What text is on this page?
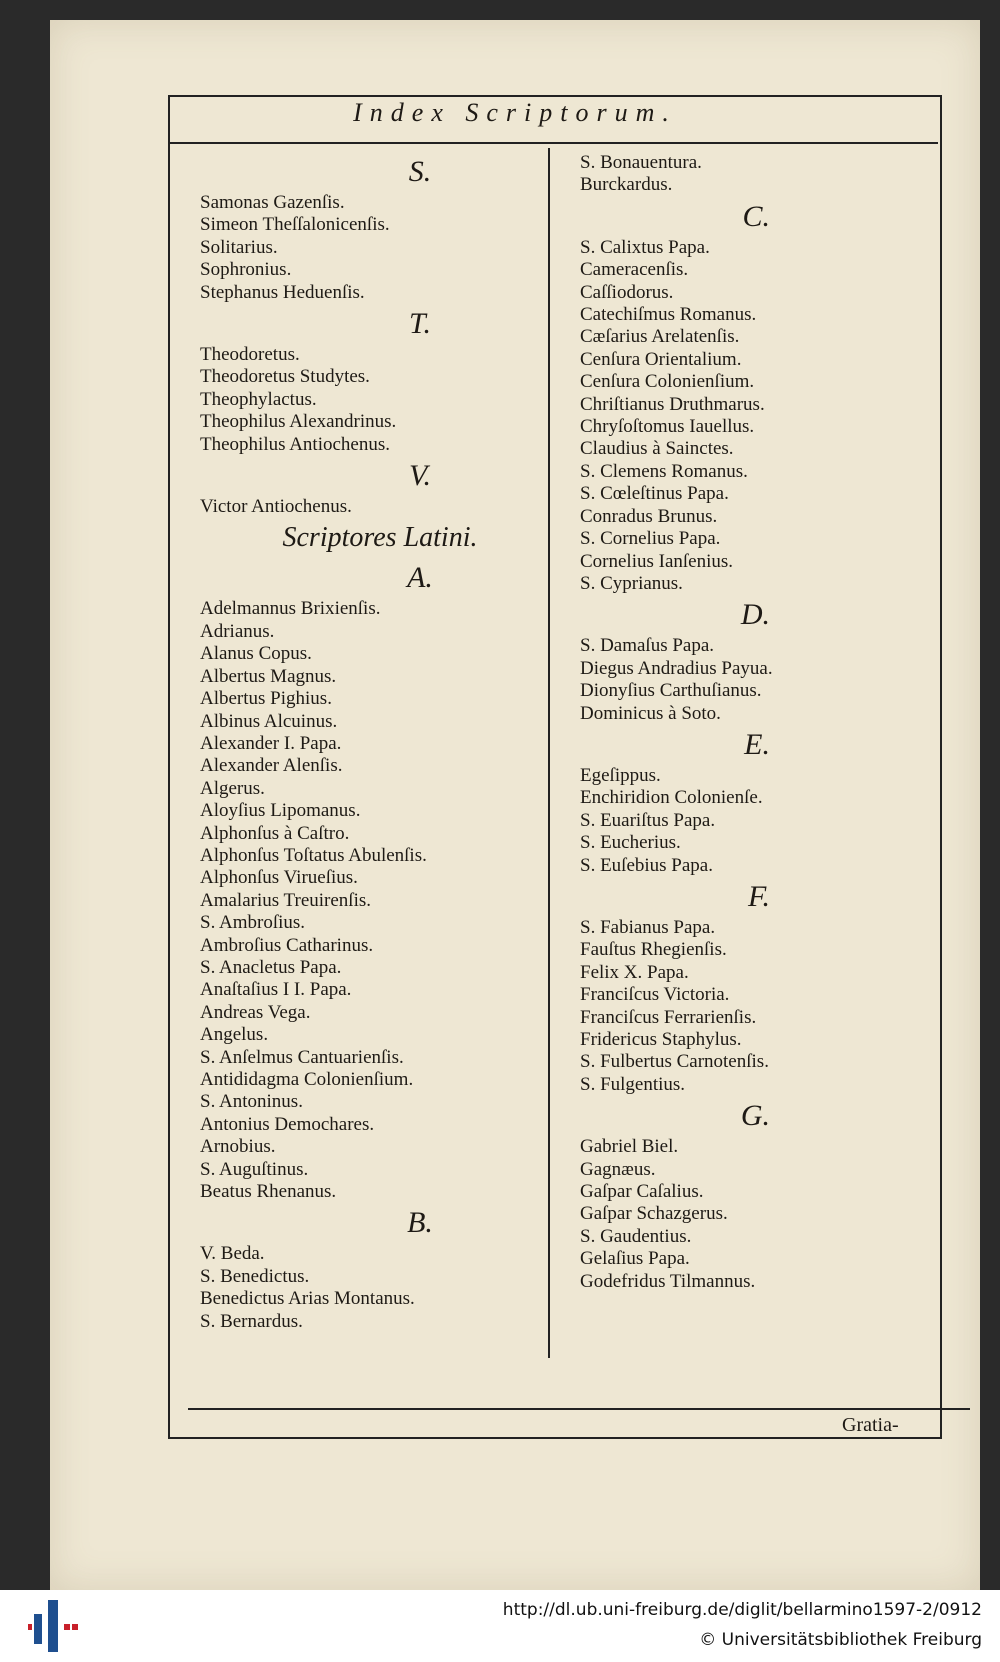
Index Scriptorum.
Gratia-
S.
Samonas Gazenſis.
Simeon Theſſalonicenſis.
Solitarius.
Sophronius.
Stephanus Heduenſis.
T.
Theodoretus.
Theodoretus Studytes.
Theophylactus.
Theophilus Alexandrinus.
Theophilus Antiochenus.
V.
Victor Antiochenus.
Scriptores Latini.
A.
Adelmannus Brixienſis.
Adrianus.
Alanus Copus.
Albertus Magnus.
Albertus Pighius.
Albinus Alcuinus.
Alexander I. Papa.
Alexander Alenſis.
Algerus.
Aloyſius Lipomanus.
Alphonſus à Caſtro.
Alphonſus Toſtatus Abulenſis.
Alphonſus Virueſius.
Amalarius Treuirenſis.
S. Ambroſius.
Ambroſius Catharinus.
S. Anacletus Papa.
Anaſtaſius I I. Papa.
Andreas Vega.
Angelus.
S. Anſelmus Cantuarienſis.
Antididagma Colonienſium.
S. Antoninus.
Antonius Demochares.
Arnobius.
S. Auguſtinus.
Beatus Rhenanus.
B.
V. Beda.
S. Benedictus.
Benedictus Arias Montanus.
S. Bernardus.
S. Bonauentura.
Burckardus.
C.
S. Calixtus Papa.
Cameracenſis.
Caſſiodorus.
Catechiſmus Romanus.
Cæſarius Arelatenſis.
Cenſura Orientalium.
Cenſura Colonienſium.
Chriſtianus Druthmarus.
Chryſoſtomus Iauellus.
Claudius à Sainctes.
S. Clemens Romanus.
S. Cœleſtinus Papa.
Conradus Brunus.
S. Cornelius Papa.
Cornelius Ianſenius.
S. Cyprianus.
D.
S. Damaſus Papa.
Diegus Andradius Payua.
Dionyſius Carthuſianus.
Dominicus à Soto.
E.
Egeſippus.
Enchiridion Colonienſe.
S. Euariſtus Papa.
S. Eucherius.
S. Euſebius Papa.
F.
S. Fabianus Papa.
Fauſtus Rhegienſis.
Felix X. Papa.
Franciſcus Victoria.
Franciſcus Ferrarienſis.
Fridericus Staphylus.
S. Fulbertus Carnotenſis.
S. Fulgentius.
G.
Gabriel Biel.
Gagnæus.
Gaſpar Caſalius.
Gaſpar Schazgerus.
S. Gaudentius.
Gelaſius Papa.
Godefridus Tilmannus.
http://dl.ub.uni-freiburg.de/diglit/bellarmino1597-2/0912
© Universitätsbibliothek Freiburg
